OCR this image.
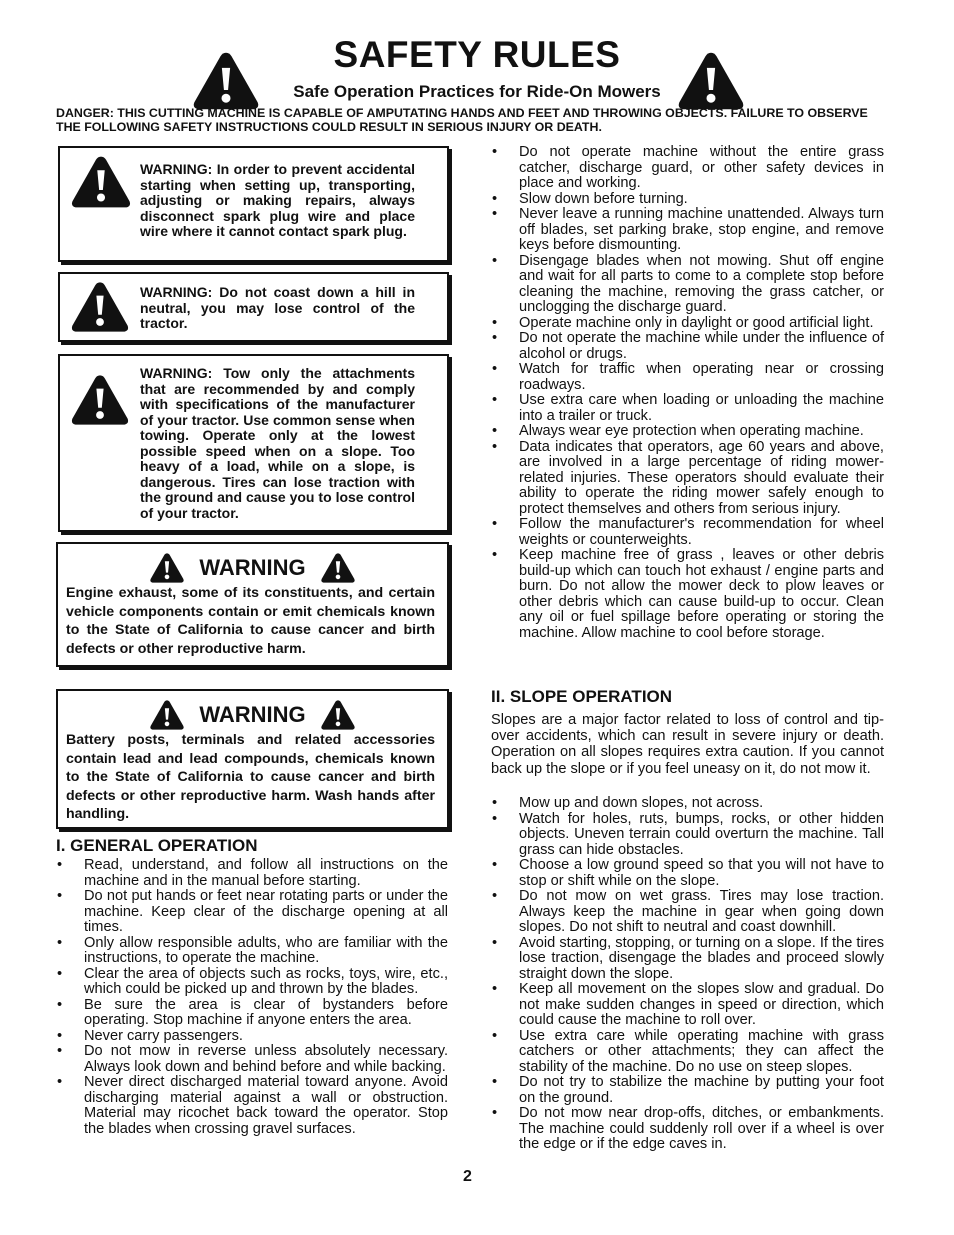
SAFETY RULES
Safe Operation Practices for Ride-On Mowers
DANGER: THIS CUTTING MACHINE IS CAPABLE OF AMPUTATING HANDS AND FEET AND THROWING OBJECTS. FAILURE TO OBSERVE THE FOLLOWING SAFETY INSTRUCTIONS COULD RESULT IN SERIOUS INJURY OR DEATH.
WARNING: In order to prevent accidental starting when setting up, transporting, adjusting or making repairs, always disconnect spark plug wire and place wire where it cannot contact spark plug.
WARNING: Do not coast down a hill in neutral, you may lose control of the tractor.
WARNING: Tow only the attachments that are recommended by and comply with specifications of the manufacturer of your tractor. Use common sense when towing. Operate only at the lowest possible speed when on a slope. Too heavy of a load, while on a slope, is dangerous. Tires can lose traction with the ground and cause you to lose control of your tractor.
WARNING
Engine exhaust, some of its constituents, and certain vehicle components contain or emit chemicals known to the State of California to cause cancer and birth defects or other reproductive harm.
WARNING
Battery posts, terminals and related accessories contain lead and lead compounds, chemicals known to the State of California to cause cancer and birth defects or other reproductive harm. Wash hands after handling.
I. GENERAL OPERATION
• Read, understand, and follow all instructions on the machine and in the manual before starting.
• Do not put hands or feet near rotating parts or under the machine. Keep clear of the discharge opening at all times.
• Only allow responsible adults, who are familiar with the instructions, to operate the machine.
• Clear the area of objects such as rocks, toys, wire, etc., which could be picked up and thrown by the blades.
• Be sure the area is clear of bystanders before operating. Stop machine if anyone enters the area.
• Never carry passengers.
• Do not mow in reverse unless absolutely necessary. Always look down and behind before and while backing.
• Never direct discharged material toward anyone. Avoid discharging material against a wall or obstruction. Material may ricochet back toward the operator. Stop the blades when crossing gravel surfaces.
• Do not operate machine without the entire grass catcher, discharge guard, or other safety devices in place and working.
• Slow down before turning.
• Never leave a running machine unattended. Always turn off blades, set parking brake, stop engine, and remove keys before dismounting.
• Disengage blades when not mowing. Shut off engine and wait for all parts to come to a complete stop before cleaning the machine, removing the grass catcher, or unclogging the discharge guard.
• Operate machine only in daylight or good artificial light.
• Do not operate the machine while under the influence of alcohol or drugs.
• Watch for traffic when operating near or crossing roadways.
• Use extra care when loading or unloading the machine into a trailer or truck.
• Always wear eye protection when operating machine.
• Data indicates that operators, age 60 years and above, are involved in a large percentage of riding mower-related injuries. These operators should evaluate their ability to operate the riding mower safely enough to protect themselves and others from serious injury.
• Follow the manufacturer's recommendation for wheel weights or counterweights.
• Keep machine free of grass , leaves or other debris build-up which can touch hot exhaust / engine parts and burn. Do not allow the mower deck to plow leaves or other debris which can cause build-up to occur. Clean any oil or fuel spillage before operating or storing the machine. Allow machine to cool before storage.
II. SLOPE OPERATION
Slopes are a major factor related to loss of control and tip-over accidents, which can result in severe injury or death. Operation on all slopes requires extra caution. If you cannot back up the slope or if you feel uneasy on it, do not mow it.
• Mow up and down slopes, not across.
• Watch for holes, ruts, bumps, rocks, or other hidden objects. Uneven terrain could overturn the machine. Tall grass can hide obstacles.
• Choose a low ground speed so that you will not have to stop or shift while on the slope.
• Do not mow on wet grass. Tires may lose traction. Always keep the machine in gear when going down slopes. Do not shift to neutral and coast downhill.
• Avoid starting, stopping, or turning on a slope. If the tires lose traction, disengage the blades and proceed slowly straight down the slope.
• Keep all movement on the slopes slow and gradual. Do not make sudden changes in speed or direction, which could cause the machine to roll over.
• Use extra care while operating machine with grass catchers or other attachments; they can affect the stability of the machine. Do no use on steep slopes.
• Do not try to stabilize the machine by putting your foot on the ground.
• Do not mow near drop-offs, ditches, or embankments. The machine could suddenly roll over if a wheel is over the edge or if the edge caves in.
2
